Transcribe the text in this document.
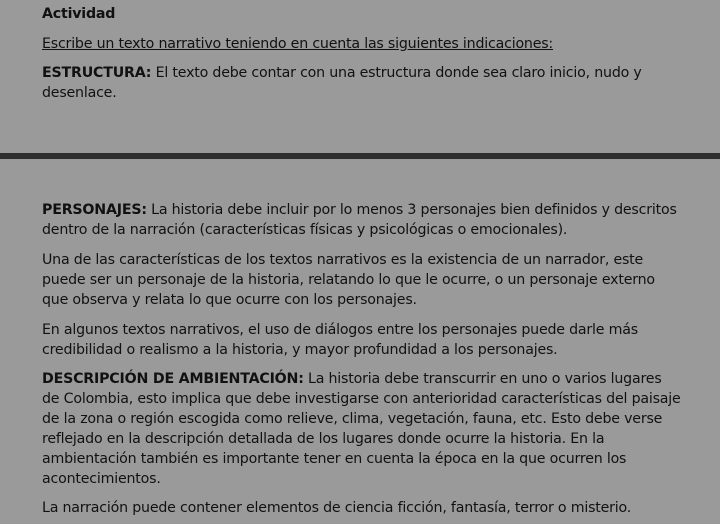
Actividad
Escribe un texto narrativo teniendo en cuenta las siguientes indicaciones:
ESTRUCTURA: El texto debe contar con una estructura donde sea claro inicio, nudo y desenlace.
PERSONAJES: La historia debe incluir por lo menos 3 personajes bien definidos y descritos dentro de la narración (características físicas y psicológicas o emocionales).
Una de las características de los textos narrativos es la existencia de un narrador, este puede ser un personaje de la historia, relatando lo que le ocurre, o un personaje externo que observa y relata lo que ocurre con los personajes.
En algunos textos narrativos, el uso de diálogos entre los personajes puede darle más credibilidad o realismo a la historia, y mayor profundidad a los personajes.
DESCRIPCIÓN DE AMBIENTACIÓN: La historia debe transcurrir en uno o varios lugares de Colombia, esto implica que debe investigarse con anterioridad características del paisaje de la zona o región escogida como relieve, clima, vegetación, fauna, etc. Esto debe verse reflejado en la descripción detallada de los lugares donde ocurre la historia. En la ambientación también es importante tener en cuenta la época en la que ocurren los acontecimientos.
La narración puede contener elementos de ciencia ficción, fantasía, terror o misterio.
